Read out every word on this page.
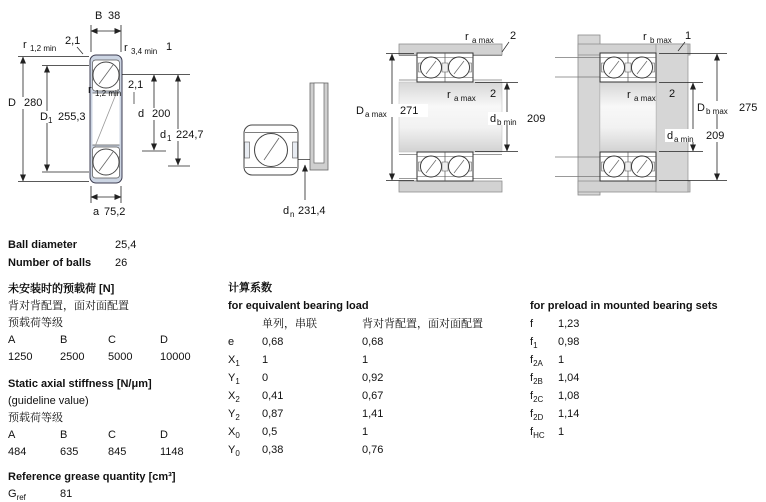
B 38
r 1,2 min
2,1
r 3,4 min 1
D 280
D 1 255,3
r 1,2 min
2,1
d 200
d 1 224,7
a 75,2	d n 231,4
D a max 271
d b min 209
r a max 2
r a max 2
r b max 1
r a max 2
D b max 275
d a min 209
Ball diameter	25,4
Number of balls	26
未安装时的预载荷 [N]
背对背配置，面对面配置
预载荷等级
A	B	C	D
1250	2500	5000	10000
Static axial stiffness [N/μm]
(guideline value)
预载荷等级
A	B	C	D
484	635	845	1148
Reference grease quantity [cm³]
$G_{ref}$	81
计算系数
for equivalent bearing load
单列，串联	背对背配置，面对面配置
e	0,68	0,68
$X_1$	1	1
$Y_1$	0	0,92
$X_2$	0,41	0,67
$Y_2$	0,87	1,41
$X_0$	0,5	1
$Y_0$	0,38	0,76
for preload in mounted bearing sets
f	1,23
$f_1$	0,98
$f_{2A}$	1
$f_{2B}$	1,04
$f_{2C}$	1,08
$f_{2D}$	1,14
$f_{HC}$	1
